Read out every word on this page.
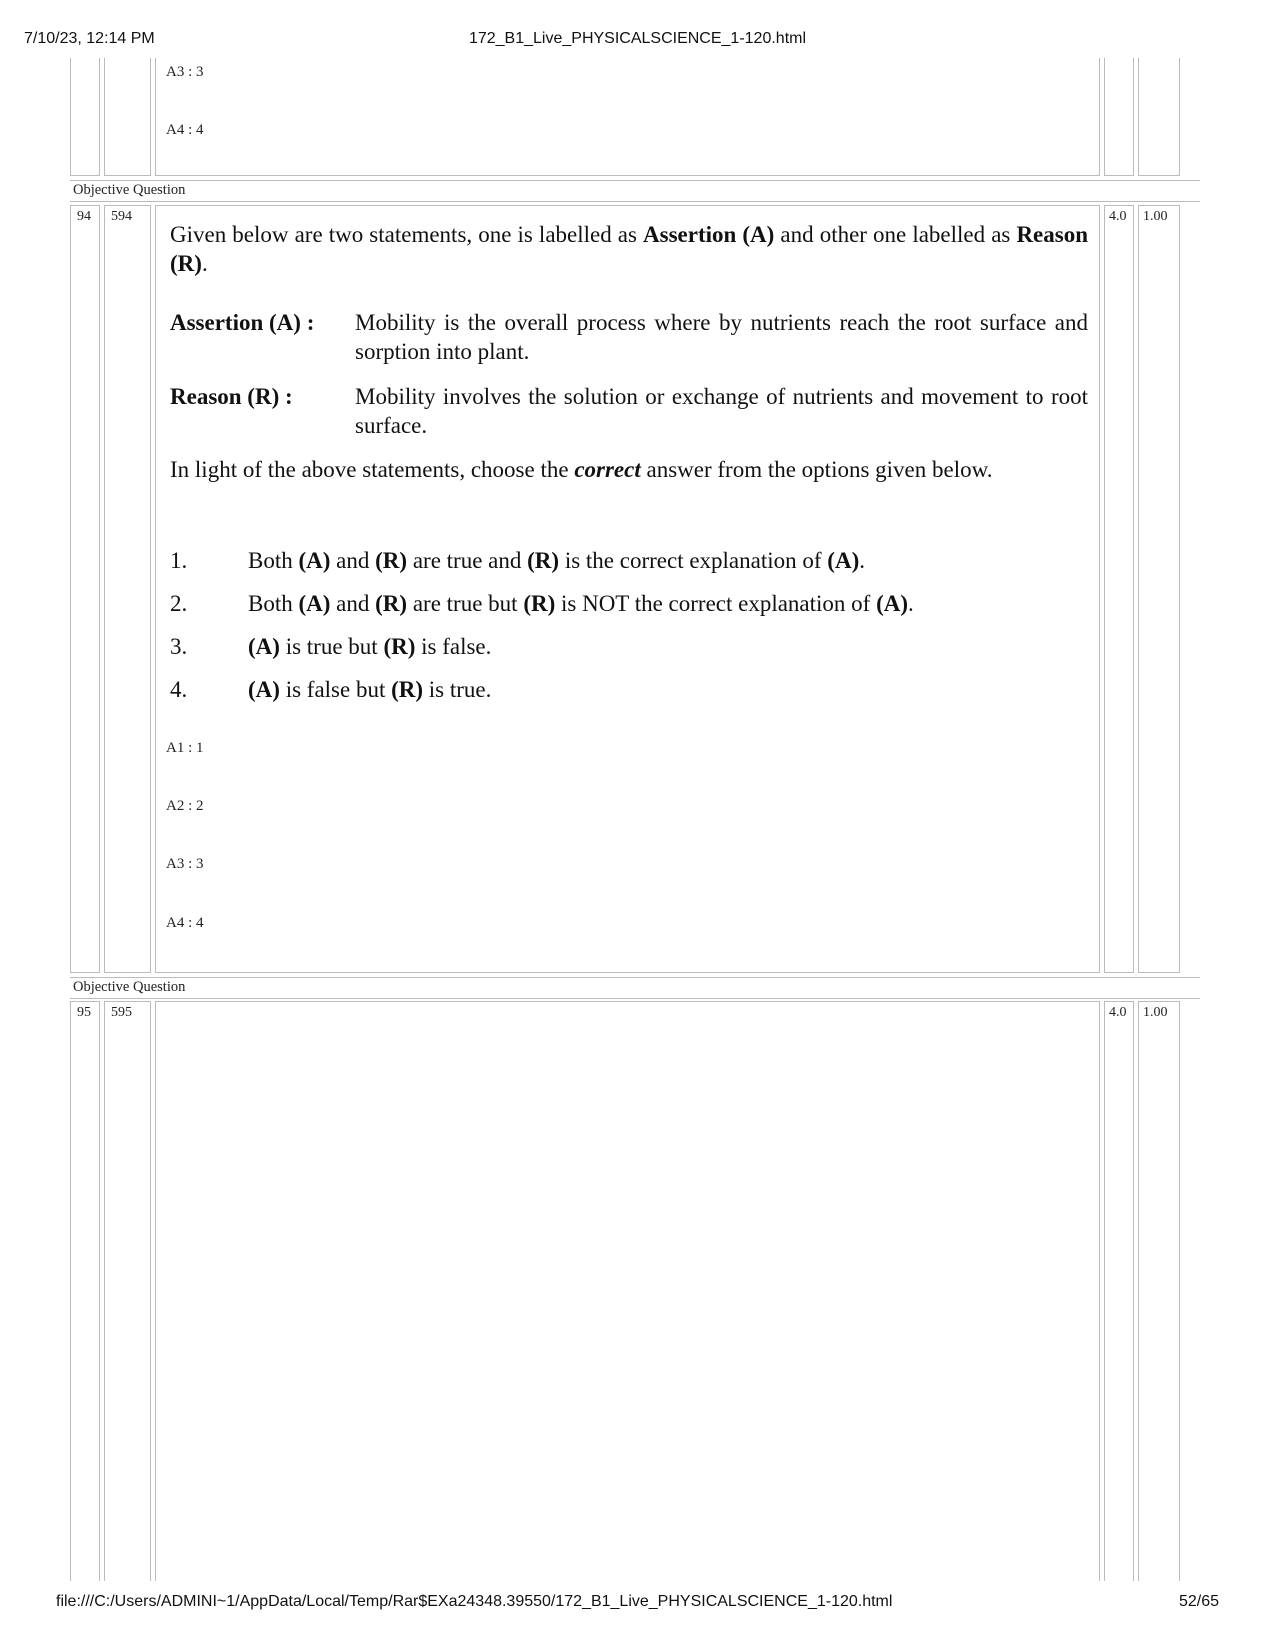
7/10/23, 12:14 PM	172_B1_Live_PHYSICALSCIENCE_1-120.html
A3 : 3
A4 : 4
Objective Question
94 594	4.0 1.00
Given below are two statements, one is labelled as Assertion (A) and other one labelled as Reason (R).
Assertion (A) :	Mobility is the overall process where by nutrients reach the root surface and sorption into plant.
Reason (R) :	Mobility involves the solution or exchange of nutrients and movement to root surface.
In light of the above statements, choose the correct answer from the options given below.
1.	Both (A) and (R) are true and (R) is the correct explanation of (A).
2.	Both (A) and (R) are true but (R) is NOT the correct explanation of (A).
3.	(A) is true but (R) is false.
4.	(A) is false but (R) is true.
A1 : 1
A2 : 2
A3 : 3
A4 : 4
Objective Question
95 595	4.0 1.00
file:///C:/Users/ADMINI~1/AppData/Local/Temp/Rar$EXa24348.39550/172_B1_Live_PHYSICALSCIENCE_1-120.html	52/65
